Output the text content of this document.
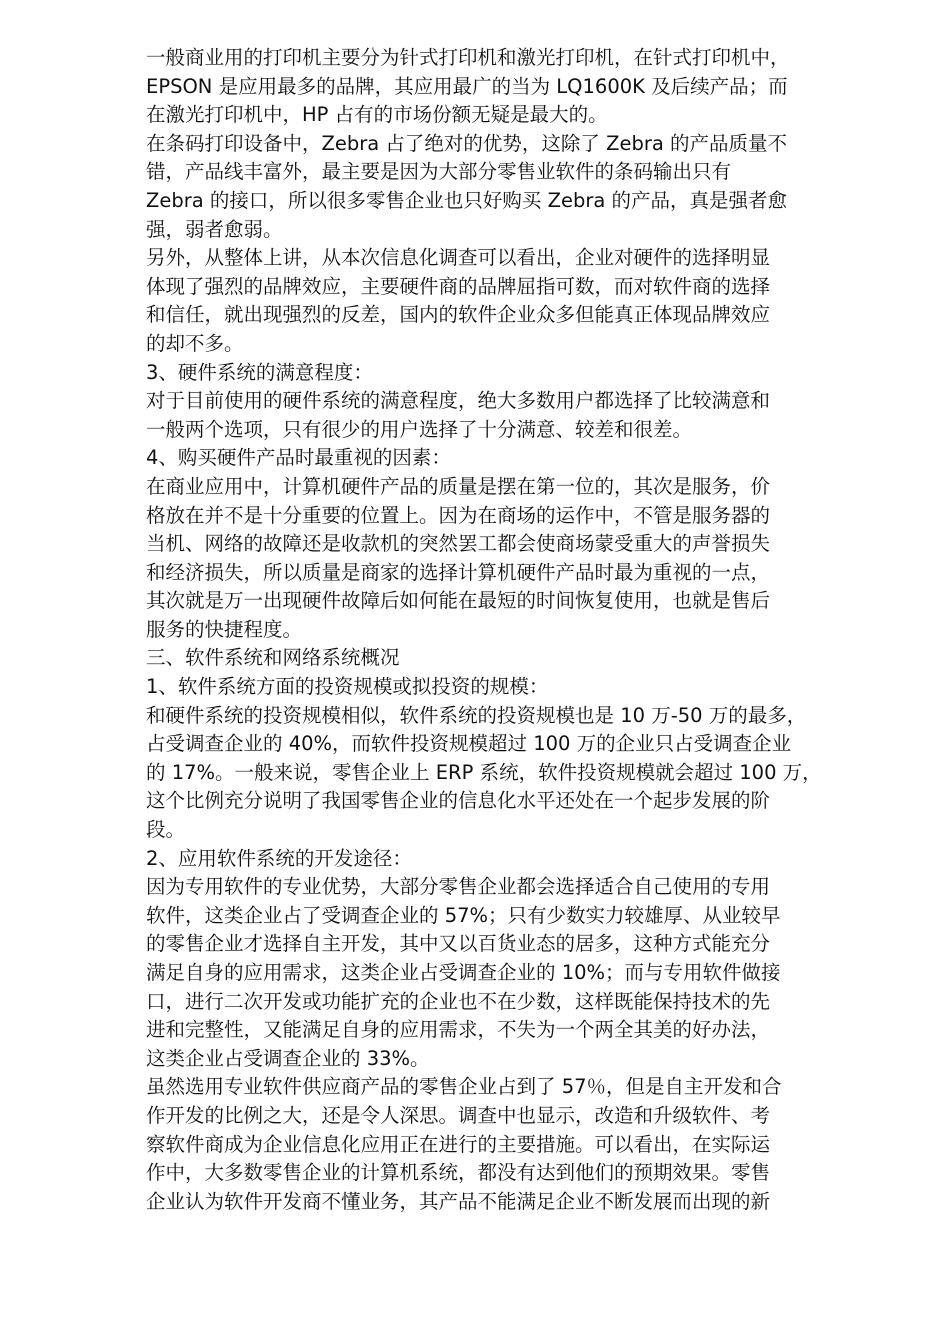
一般商业用的打印机主要分为针式打印机和激光打印机，在针式打印机中，
EPSON 是应用最多的品牌，其应用最广的当为 LQ1600K 及后续产品；而
在激光打印机中，HP 占有的市场份额无疑是最大的。
在条码打印设备中，Zebra 占了绝对的优势，这除了 Zebra 的产品质量不
错，产品线丰富外，最主要是因为大部分零售业软件的条码输出只有
Zebra 的接口，所以很多零售企业也只好购买 Zebra 的产品，真是强者愈
强，弱者愈弱。
另外，从整体上讲，从本次信息化调查可以看出，企业对硬件的选择明显
体现了强烈的品牌效应，主要硬件商的品牌屈指可数，而对软件商的选择
和信任，就出现强烈的反差，国内的软件企业众多但能真正体现品牌效应
的却不多。
3、硬件系统的满意程度：
对于目前使用的硬件系统的满意程度，绝大多数用户都选择了比较满意和
一般两个选项，只有很少的用户选择了十分满意、较差和很差。
4、购买硬件产品时最重视的因素：
在商业应用中，计算机硬件产品的质量是摆在第一位的，其次是服务，价
格放在并不是十分重要的位置上。因为在商场的运作中，不管是服务器的
当机、网络的故障还是收款机的突然罢工都会使商场蒙受重大的声誉损失
和经济损失，所以质量是商家的选择计算机硬件产品时最为重视的一点，
其次就是万一出现硬件故障后如何能在最短的时间恢复使用，也就是售后
服务的快捷程度。
三、软件系统和网络系统概况
1、软件系统方面的投资规模或拟投资的规模：
和硬件系统的投资规模相似，软件系统的投资规模也是 10 万-50 万的最多，
占受调查企业的 40%，而软件投资规模超过 100 万的企业只占受调查企业
的 17%。一般来说，零售企业上 ERP 系统，软件投资规模就会超过 100 万，
这个比例充分说明了我国零售企业的信息化水平还处在一个起步发展的阶
段。
2、应用软件系统的开发途径：
因为专用软件的专业优势，大部分零售企业都会选择适合自己使用的专用
软件，这类企业占了受调查企业的 57%；只有少数实力较雄厚、从业较早
的零售企业才选择自主开发，其中又以百货业态的居多，这种方式能充分
满足自身的应用需求，这类企业占受调查企业的 10%；而与专用软件做接
口，进行二次开发或功能扩充的企业也不在少数，这样既能保持技术的先
进和完整性，又能满足自身的应用需求，不失为一个两全其美的好办法，
这类企业占受调查企业的 33%。
虽然选用专业软件供应商产品的零售企业占到了 57％，但是自主开发和合
作开发的比例之大，还是令人深思。调查中也显示，改造和升级软件、考
察软件商成为企业信息化应用正在进行的主要措施。可以看出，在实际运
作中，大多数零售企业的计算机系统，都没有达到他们的预期效果。零售
企业认为软件开发商不懂业务，其产品不能满足企业不断发展而出现的新
